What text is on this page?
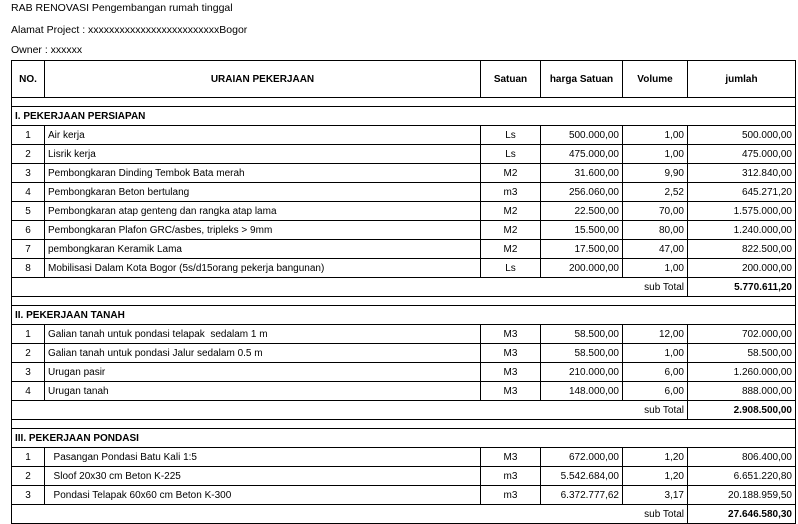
RAB RENOVASI Pengembangan rumah tinggal
Alamat Project : xxxxxxxxxxxxxxxxxxxxxxxxxBogor
Owner : xxxxxx
NO.	URAIAN PEKERJAAN	Satuan	harga Satuan	Volume	jumlah

I. PEKERJAAN PERSIAPAN					
1	Air kerja	Ls	500.000,00	1,00	500.000,00
2	Lisrik kerja	Ls	475.000,00	1,00	475.000,00
3	Pembongkaran Dinding Tembok Bata merah	M2	31.600,00	9,90	312.840,00
4	Pembongkaran Beton bertulang	m3	256.060,00	2,52	645.271,20
5	Pembongkaran atap genteng dan rangka atap lama	M2	22.500,00	70,00	1.575.000,00
6	Pembongkaran Plafon GRC/asbes, tripleks > 9mm	M2	15.500,00	80,00	1.240.000,00
7	pembongkaran Keramik Lama	M2	17.500,00	47,00	822.500,00
8	Mobilisasi Dalam Kota Bogor (5s/d15orang pekerja bangunan)	Ls	200.000,00	1,00	200.000,00
				sub Total	5.770.611,20

II. PEKERJAAN TANAH					
1	Galian tanah untuk pondasi telapak  sedalam 1 m	M3	58.500,00	12,00	702.000,00
2	Galian tanah untuk pondasi Jalur sedalam 0.5 m	M3	58.500,00	1,00	58.500,00
3	Urugan pasir	M3	210.000,00	6,00	1.260.000,00
4	Urugan tanah	M3	148.000,00	6,00	888.000,00
				sub Total	2.908.500,00

III. PEKERJAAN PONDASI					
1	Pasangan Pondasi Batu Kali 1:5	M3	672.000,00	1,20	806.400,00
2	Sloof 20x30 cm Beton K-225	m3	5.542.684,00	1,20	6.651.220,80
3	Pondasi Telapak 60x60 cm Beton K-300	m3	6.372.777,62	3,17	20.188.959,50
				sub Total	27.646.580,30
